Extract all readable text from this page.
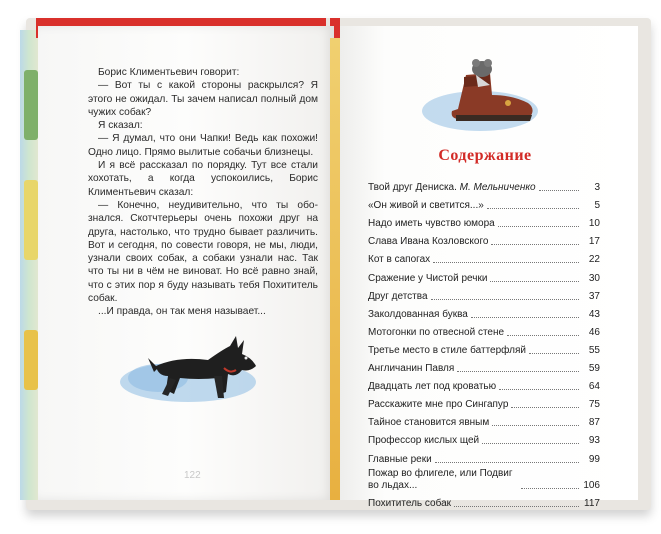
Борис Климентьевич говорит:

— Вот ты с какой стороны раскрылся? Я этого не ожидал. Ты зачем написал полный дом чужих собак?

Я сказал:

— Я думал, что они Чапки! Ведь как похожи! Одно лицо. Прямо вылитые собачьи близнецы.

И я всё рассказал по порядку. Тут все стали хохотать, а когда успокоились, Борис Климентьевич сказал:

— Конечно, неудивительно, что ты обознался. Скотчтерьеры очень похожи друг на друга, настолько, что трудно бывает различить. Вот и сегодня, по совести говоря, не мы, люди, узнали своих собак, а собаки узнали нас. Так что ты ни в чём не виноват. Но всё равно знай, что с этих пор я буду называть тебя Похититель собак.

...И правда, он так меня называет...

122
Содержание
Твой друг Дениска. М. Мельниченко	3
«Он живой и светится...»	5
Надо иметь чувство юмора	10
Слава Ивана Козловского	17
Кот в сапогах	22
Сражение у Чистой речки	30
Друг детства	37
Заколдованная буква	43
Мотогонки по отвесной стене	46
Третье место в стиле баттерфляй	55
Англичанин Павля	59
Двадцать лет под кроватью	64
Расскажите мне про Сингапур	75
Тайное становится явным	87
Профессор кислых щей	93
Главные реки	99
Пожар во флигеле, или Подвиг во льдах...	106
Похититель собак	117
